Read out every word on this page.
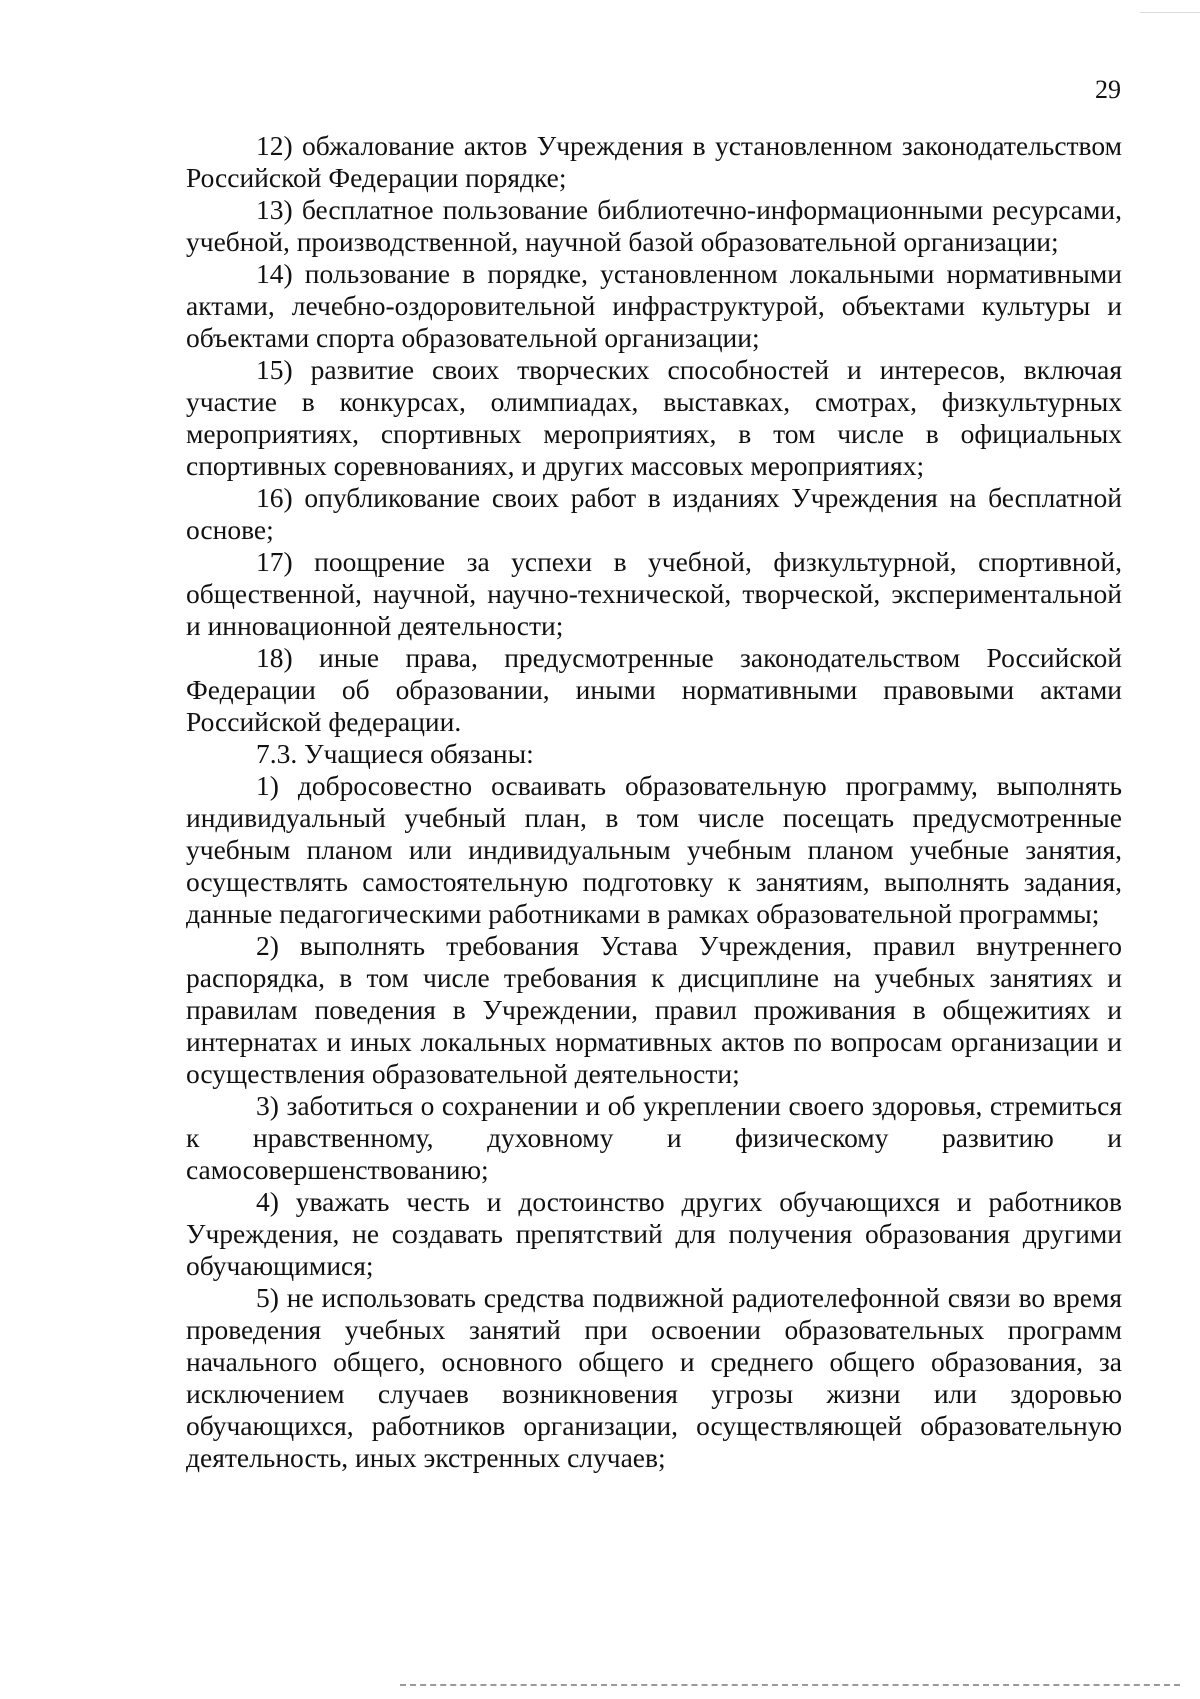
29

12) обжалование актов Учреждения в установленном законодательством Российской Федерации порядке;

13) бесплатное пользование библиотечно-информационными ресурсами, учебной, производственной, научной базой образовательной организации;

14) пользование в порядке, установленном локальными нормативными актами, лечебно-оздоровительной инфраструктурой, объектами культуры и объектами спорта образовательной организации;

15) развитие своих творческих способностей и интересов, включая участие в конкурсах, олимпиадах, выставках, смотрах, физкультурных мероприятиях, спортивных мероприятиях, в том числе в официальных спортивных соревнованиях, и других массовых мероприятиях;

16) опубликование своих работ в изданиях Учреждения на бесплатной основе;

17) поощрение за успехи в учебной, физкультурной, спортивной, общественной, научной, научно-технической, творческой, экспериментальной и инновационной деятельности;

18) иные права, предусмотренные законодательством Российской Федерации об образовании, иными нормативными правовыми актами Российской федерации.

7.3. Учащиеся обязаны:

1) добросовестно осваивать образовательную программу, выполнять индивидуальный учебный план, в том числе посещать предусмотренные учебным планом или индивидуальным учебным планом учебные занятия, осуществлять самостоятельную подготовку к занятиям, выполнять задания, данные педагогическими работниками в рамках образовательной программы;

2) выполнять требования Устава Учреждения, правил внутреннего распорядка, в том числе требования к дисциплине на учебных занятиях и правилам поведения в Учреждении, правил проживания в общежитиях и интернатах и иных локальных нормативных актов по вопросам организации и осуществления образовательной деятельности;

3) заботиться о сохранении и об укреплении своего здоровья, стремиться к нравственному, духовному и физическому развитию и самосовершенствованию;

4) уважать честь и достоинство других обучающихся и работников Учреждения, не создавать препятствий для получения образования другими обучающимися;

5) не использовать средства подвижной радиотелефонной связи во время проведения учебных занятий при освоении образовательных программ начального общего, основного общего и среднего общего образования, за исключением случаев возникновения угрозы жизни или здоровью обучающихся, работников организации, осуществляющей образовательную деятельность, иных экстренных случаев;
